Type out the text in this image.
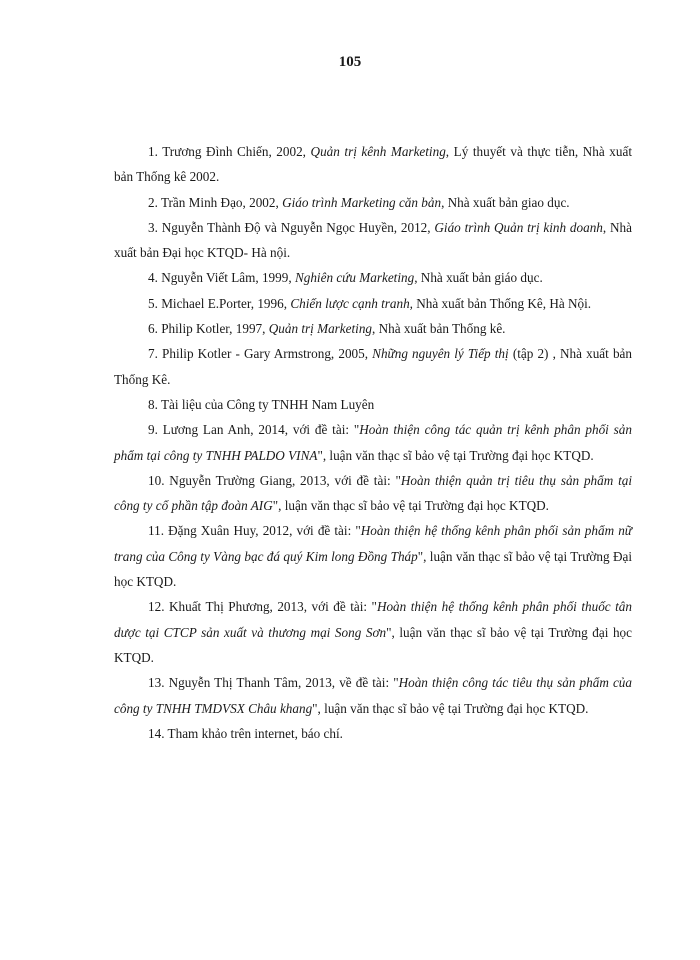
105

1. Trương Đình Chiến, 2002, Quản trị kênh Marketing, Lý thuyết và thực tiễn, Nhà xuất bản Thống kê 2002.

2. Trần Minh Đạo, 2002, Giáo trình Marketing căn bản, Nhà xuất bản giao dục.

3. Nguyễn Thành Độ và Nguyễn Ngọc Huyền, 2012, Giáo trình Quản trị kinh doanh, Nhà xuất bản Đại học KTQD- Hà nội.

4. Nguyễn Viết Lâm, 1999, Nghiên cứu Marketing, Nhà xuất bản giáo dục.

5. Michael E.Porter, 1996, Chiến lược cạnh tranh, Nhà xuất bản Thống Kê, Hà Nội.

6. Philip Kotler, 1997, Quản trị Marketing, Nhà xuất bản Thống kê.

7. Philip Kotler - Gary Armstrong, 2005, Những nguyên lý Tiếp thị (tập 2) , Nhà xuất bản Thống Kê.

8. Tài liệu của Công ty TNHH Nam Luyên

9. Lương Lan Anh, 2014, với đề tài: "Hoàn thiện công tác quản trị kênh phân phối sản phẩm tại công ty TNHH PALDO VINA", luận văn thạc sĩ bảo vệ tại Trường đại học KTQD.

10. Nguyễn Trường Giang, 2013, với đề tài: "Hoàn thiện quản trị tiêu thụ sản phẩm tại công ty cổ phần tập đoàn AIG", luận văn thạc sĩ bảo vệ tại Trường đại học KTQD.

11. Đặng Xuân Huy, 2012, với đề tài: "Hoàn thiện hệ thống kênh phân phối sản phẩm nữ trang của Công ty Vàng bạc đá quý Kim long Đồng Tháp", luận văn thạc sĩ bảo vệ tại Trường Đại học KTQD.

12. Khuất Thị Phương, 2013, với đề tài: "Hoàn thiện hệ thống kênh phân phối thuốc tân dược tại CTCP sản xuất và thương mại Song Sơn", luận văn thạc sĩ bảo vệ tại Trường đại học KTQD.

13. Nguyễn Thị Thanh Tâm, 2013, về đề tài: "Hoàn thiện công tác tiêu thụ sản phẩm của công ty TNHH TMDVSX Châu khang", luận văn thạc sĩ bảo vệ tại Trường đại học KTQD.

14. Tham khảo trên internet, báo chí.
